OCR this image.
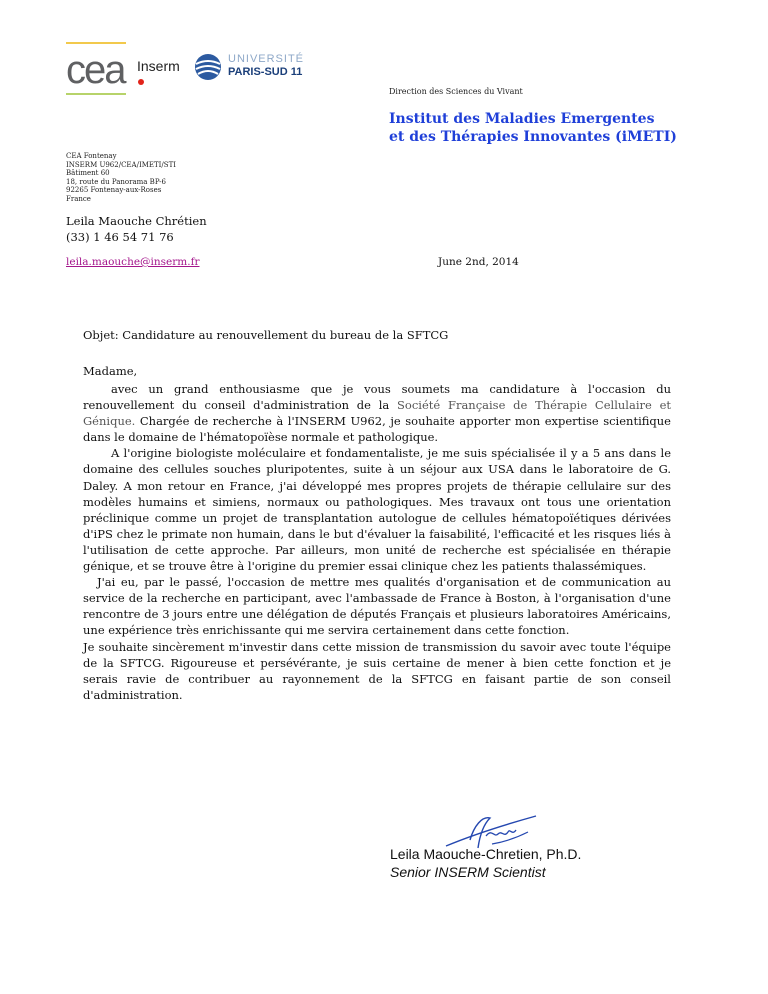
cea Inserm	UNIVERSITÉ
PARIS-SUD 11
Direction des Sciences du Vivant
Institut des Maladies Emergentes
et des Thérapies Innovantes (iMETI)
CEA Fontenay
INSERM U962/CEA/IMETI/STI
Bâtiment 60
18, route du Panorama BP-6
92265 Fontenay-aux-Roses
France
Leila Maouche Chrétien
(33) 1 46 54 71 76
leila.maouche@inserm.fr	June 2nd, 2014
Objet: Candidature au renouvellement du bureau de la SFTCG
Madame,

avec un grand enthousiasme que je vous soumets ma candidature à l'occasion du renouvellement du conseil d'administration de la Société Française de Thérapie Cellulaire et Génique. Chargée de recherche à l'INSERM U962, je souhaite apporter mon expertise scientifique dans le domaine de l'hématopoïèse normale et pathologique.

A l'origine biologiste moléculaire et fondamentaliste, je me suis spécialisée il y a 5 ans dans le domaine des cellules souches pluripotentes, suite à un séjour aux USA dans le laboratoire de G. Daley. A mon retour en France, j'ai développé mes propres projets de thérapie cellulaire sur des modèles humains et simiens, normaux ou pathologiques. Mes travaux ont tous une orientation préclinique comme un projet de transplantation autologue de cellules hématopoïétiques dérivées d'iPS chez le primate non humain, dans le but d'évaluer la faisabilité, l'efficacité et les risques liés à l'utilisation de cette approche. Par ailleurs, mon unité de recherche est spécialisée en thérapie génique, et se trouve être à l'origine du premier essai clinique chez les patients thalassémiques.

J'ai eu, par le passé, l'occasion de mettre mes qualités d'organisation et de communication au service de la recherche en participant, avec l'ambassade de France à Boston, à l'organisation d'une rencontre de 3 jours entre une délégation de députés Français et plusieurs laboratoires Américains, une expérience très enrichissante qui me servira certainement dans cette fonction.

Je souhaite sincèrement m'investir dans cette mission de transmission du savoir avec toute l'équipe de la SFTCG. Rigoureuse et persévérante, je suis certaine de mener à bien cette fonction et je serais ravie de contribuer au rayonnement de la SFTCG en faisant partie de son conseil d'administration.

Leila Maouche-Chretien, Ph.D.
Senior INSERM Scientist
